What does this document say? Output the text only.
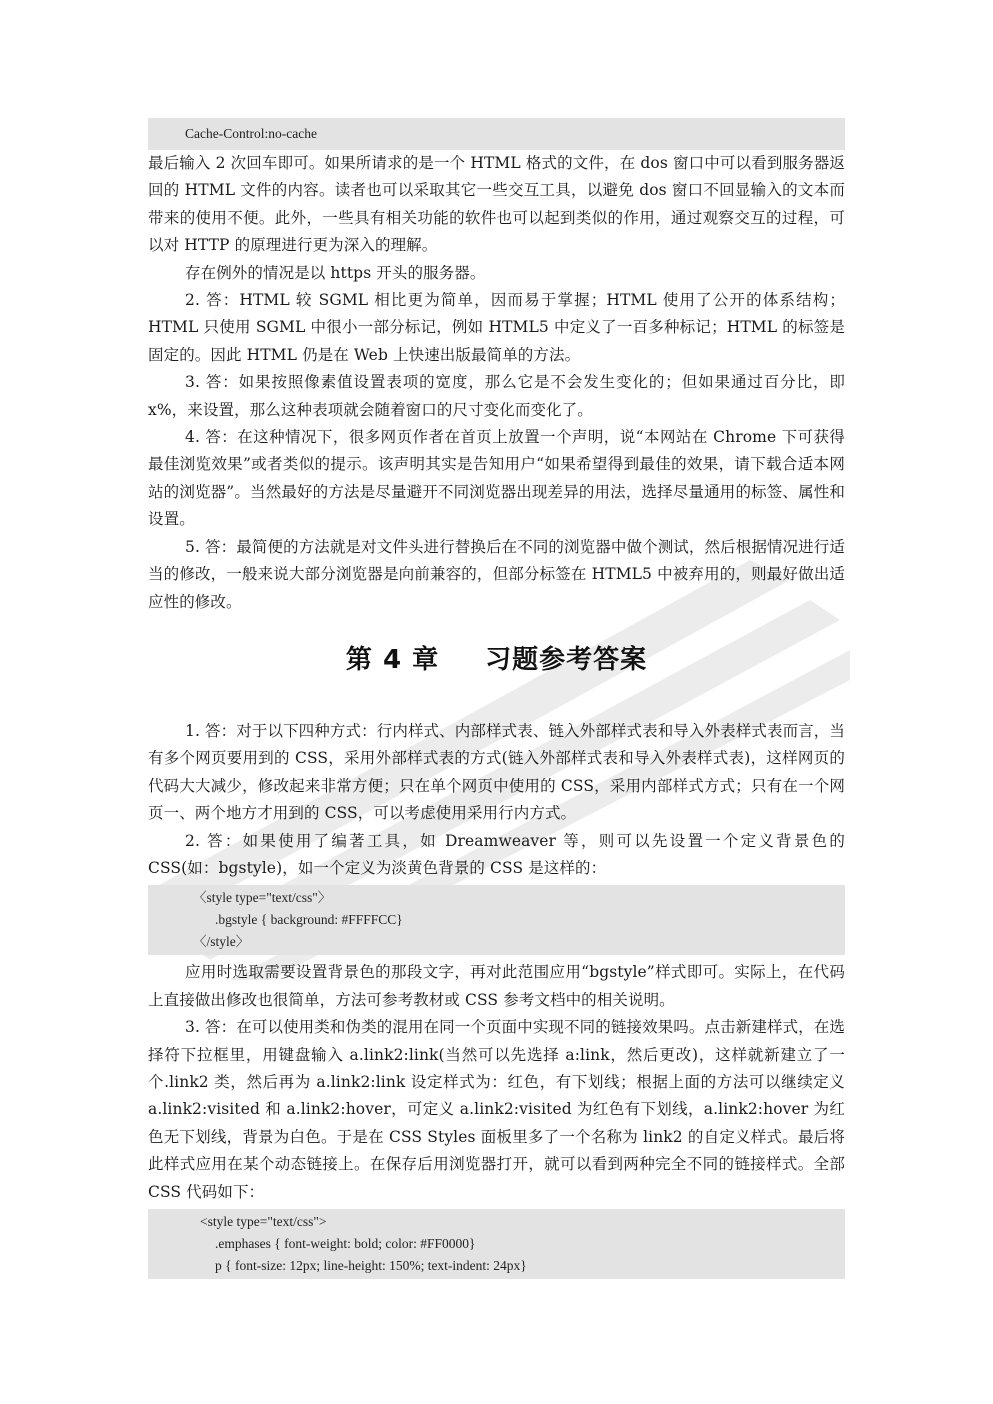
Cache-Control:no-cache

最后输入 2 次回车即可。如果所请求的是一个 HTML 格式的文件，在 dos 窗口中可以看到服务器返回的 HTML 文件的内容。读者也可以采取其它一些交互工具，以避免 dos 窗口不回显输入的文本而带来的使用不便。此外，一些具有相关功能的软件也可以起到类似的作用，通过观察交互的过程，可以对 HTTP 的原理进行更为深入的理解。

存在例外的情况是以 https 开头的服务器。

2. 答：HTML 较 SGML 相比更为简单，因而易于掌握；HTML 使用了公开的体系结构；HTML 只使用 SGML 中很小一部分标记，例如 HTML5 中定义了一百多种标记；HTML 的标签是固定的。因此 HTML 仍是在 Web 上快速出版最简单的方法。

3. 答：如果按照像素值设置表项的宽度，那么它是不会发生变化的；但如果通过百分比，即 x%，来设置，那么这种表项就会随着窗口的尺寸变化而变化了。

4. 答：在这种情况下，很多网页作者在首页上放置一个声明，说“本网站在 Chrome 下可获得最佳浏览效果”或者类似的提示。该声明其实是告知用户“如果希望得到最佳的效果，请下载合适本网站的浏览器”。当然最好的方法是尽量避开不同浏览器出现差异的用法，选择尽量通用的标签、属性和设置。

5. 答：最简便的方法就是对文件头进行替换后在不同的浏览器中做个测试，然后根据情况进行适当的修改，一般来说大部分浏览器是向前兼容的，但部分标签在 HTML5 中被弃用的，则最好做出适应性的修改。

第 4 章 习题参考答案

1. 答：对于以下四种方式：行内样式、内部样式表、链入外部样式表和导入外表样式表而言，当有多个网页要用到的 CSS，采用外部样式表的方式(链入外部样式表和导入外表样式表)，这样网页的代码大大减少，修改起来非常方便；只在单个网页中使用的 CSS，采用内部样式方式；只有在一个网页一、两个地方才用到的 CSS，可以考虑使用采用行内方式。

2. 答：如果使用了编著工具，如 Dreamweaver 等，则可以先设置一个定义背景色的 CSS(如：bgstyle)，如一个定义为淡黄色背景的 CSS 是这样的：

〈style type="text/css"〉
.bgstyle { background: #FFFFCC}
〈/style〉

应用时选取需要设置背景色的那段文字，再对此范围应用“bgstyle”样式即可。实际上，在代码上直接做出修改也很简单，方法可参考教材或 CSS 参考文档中的相关说明。

3. 答：在可以使用类和伪类的混用在同一个页面中实现不同的链接效果吗。点击新建样式，在选择符下拉框里，用键盘输入 a.link2:link(当然可以先选择 a:link，然后更改)，这样就新建立了一个.link2 类，然后再为 a.link2:link 设定样式为：红色，有下划线；根据上面的方法可以继续定义 a.link2:visited 和 a.link2:hover，可定义 a.link2:visited 为红色有下划线，a.link2:hover 为红色无下划线，背景为白色。于是在 CSS Styles 面板里多了一个名称为 link2 的自定义样式。最后将此样式应用在某个动态链接上。在保存后用浏览器打开，就可以看到两种完全不同的链接样式。全部 CSS 代码如下：

<style type="text/css">
.emphases { font-weight: bold; color: #FF0000}
p { font-size: 12px; line-height: 150%; text-indent: 24px}
